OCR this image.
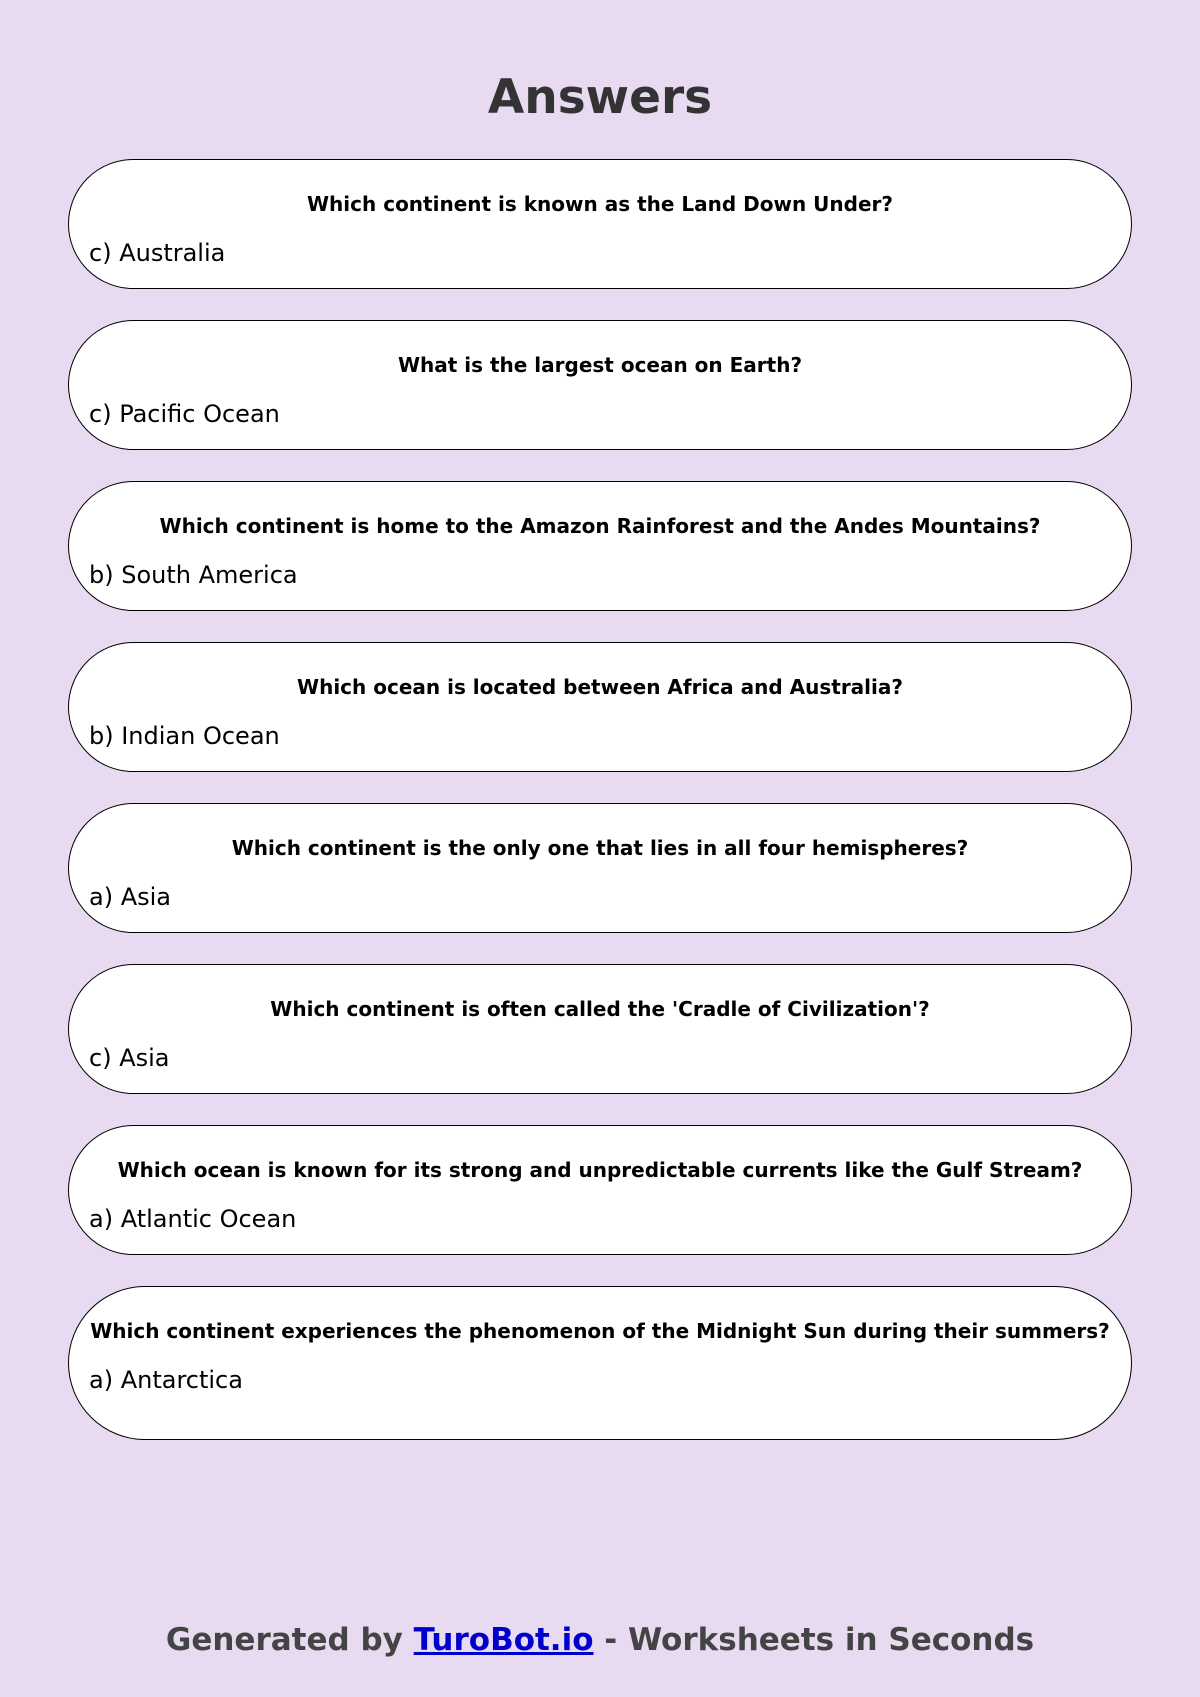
Answers
Which continent is known as the Land Down Under?
c) Australia
What is the largest ocean on Earth?
c) Pacific Ocean
Which continent is home to the Amazon Rainforest and the Andes Mountains?
b) South America
Which ocean is located between Africa and Australia?
b) Indian Ocean
Which continent is the only one that lies in all four hemispheres?
a) Asia
Which continent is often called the 'Cradle of Civilization'?
c) Asia
Which ocean is known for its strong and unpredictable currents like the Gulf Stream?
a) Atlantic Ocean
Which continent experiences the phenomenon of the Midnight Sun during their summers?
a) Antarctica
Generated by TuroBot.io - Worksheets in Seconds
